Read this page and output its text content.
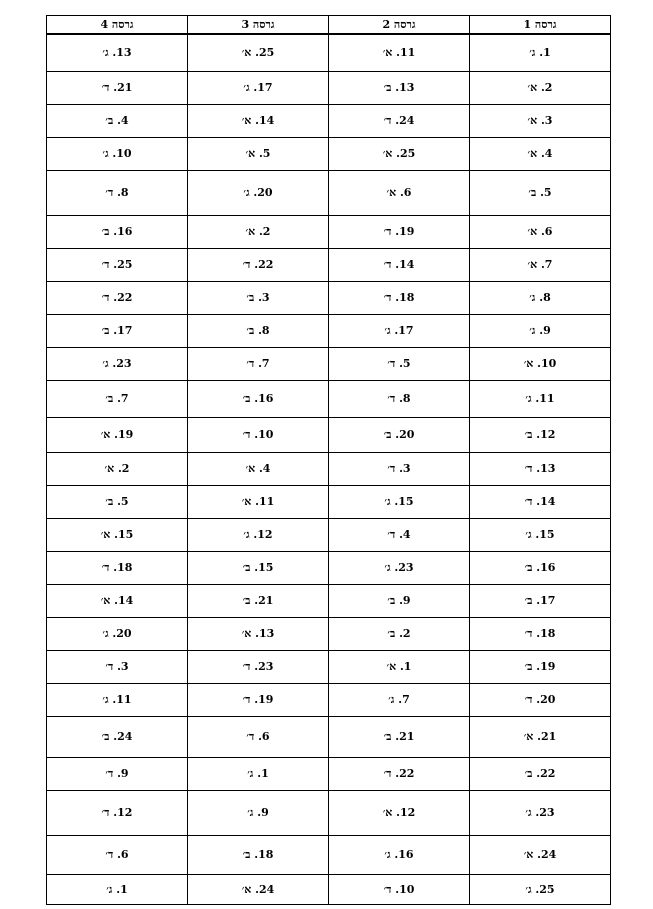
גרסה 1	גרסה 2	גרסה 3	גרסה 4
1. ג׳	11. א׳	25. א׳	13. ג׳
2. א׳	13. ב׳	17. ג׳	21. ד׳
3. א׳	24. ד׳	14. א׳	4. ב׳
4. א׳	25. א׳	5. א׳	10. ג׳
5. ב׳	6. א׳	20. ג׳	8. ד׳
6. א׳	19. ד׳	2. א׳	16. ב׳
7. א׳	14. ד׳	22. ד׳	25. ד׳
8. ג׳	18. ד׳	3. ב׳	22. ד׳
9. ג׳	17. ג׳	8. ב׳	17. ב׳
10. א׳	5. ד׳	7. ד׳	23. ג׳
11. ג׳	8. ד׳	16. ב׳	7. ב׳
12. ב׳	20. ב׳	10. ד׳	19. א׳
13. ד׳	3. ד׳	4. א׳	2. א׳
14. ד׳	15. ג׳	11. א׳	5. ב׳
15. ג׳	4. ד׳	12. ג׳	15. א׳
16. ב׳	23. ג׳	15. ב׳	18. ד׳
17. ב׳	9. ב׳	21. ב׳	14. א׳
18. ד׳	2. ב׳	13. א׳	20. ג׳
19. ב׳	1. א׳	23. ד׳	3. ד׳
20. ד׳	7. ג׳	19. ד׳	11. ג׳
21. א׳	21. ב׳	6. ד׳	24. ב׳
22. ב׳	22. ד׳	1. ג׳	9. ד׳
23. ג׳	12. א׳	9. ג׳	12. ד׳
24. א׳	16. ג׳	18. ב׳	6. ד׳
25. ג׳	10. ד׳	24. א׳	1. ג׳
